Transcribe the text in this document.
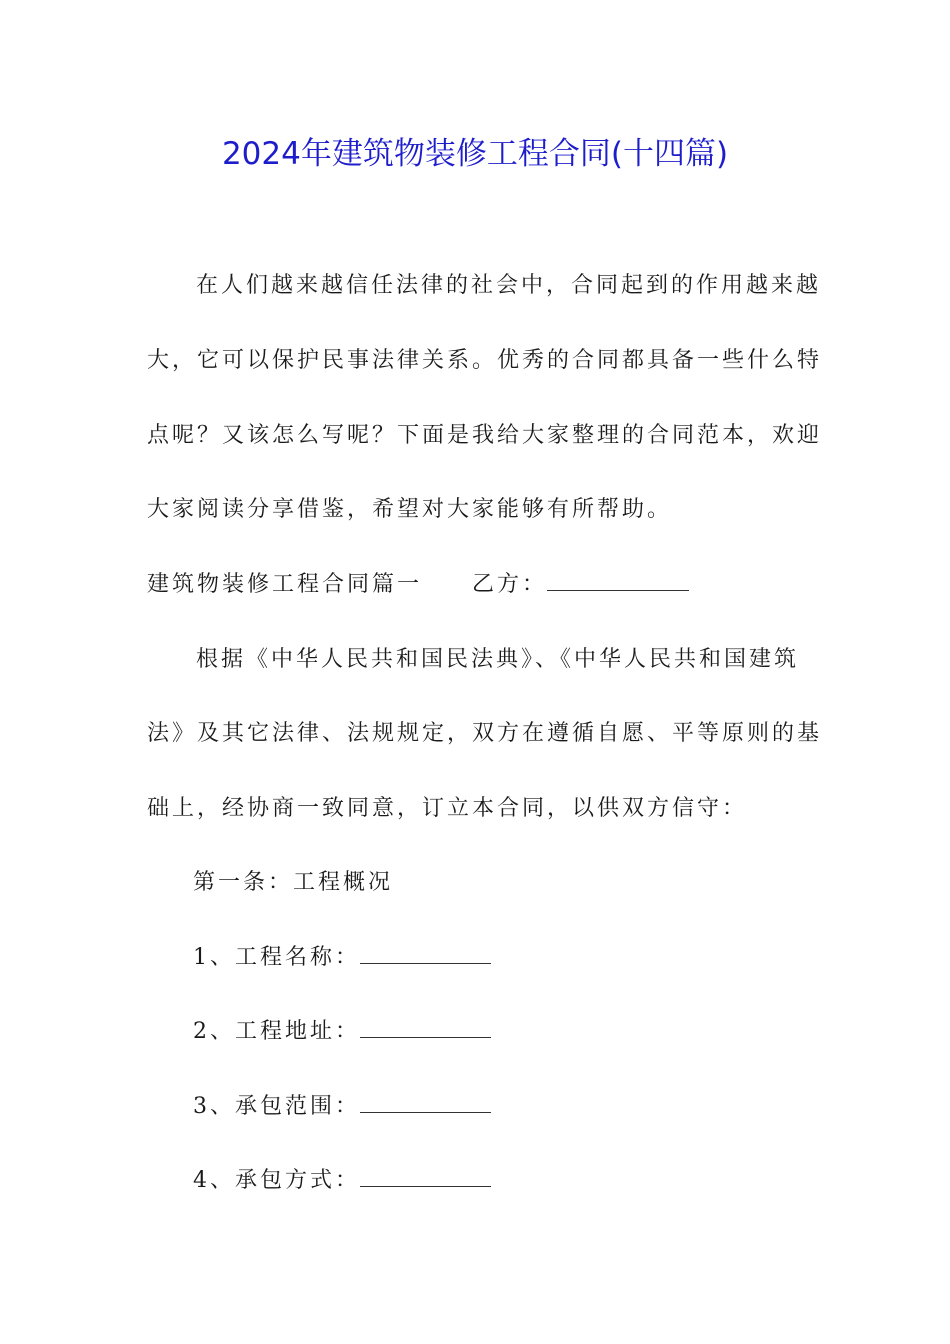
2024年建筑物装修工程合同(十四篇)
在人们越来越信任法律的社会中，合同起到的作用越来越
大，它可以保护民事法律关系。优秀的合同都具备一些什么特
点呢？又该怎么写呢？下面是我给大家整理的合同范本，欢迎
大家阅读分享借鉴，希望对大家能够有所帮助。
建筑物装修工程合同篇一 乙方：
根据《中华人民共和国民法典》、《中华人民共和国建筑
法》及其它法律、法规规定，双方在遵循自愿、平等原则的基
础上，经协商一致同意，订立本合同，以供双方信守：
第一条：工程概况
1、工程名称：
2、工程地址：
3、承包范围：
4、承包方式：
